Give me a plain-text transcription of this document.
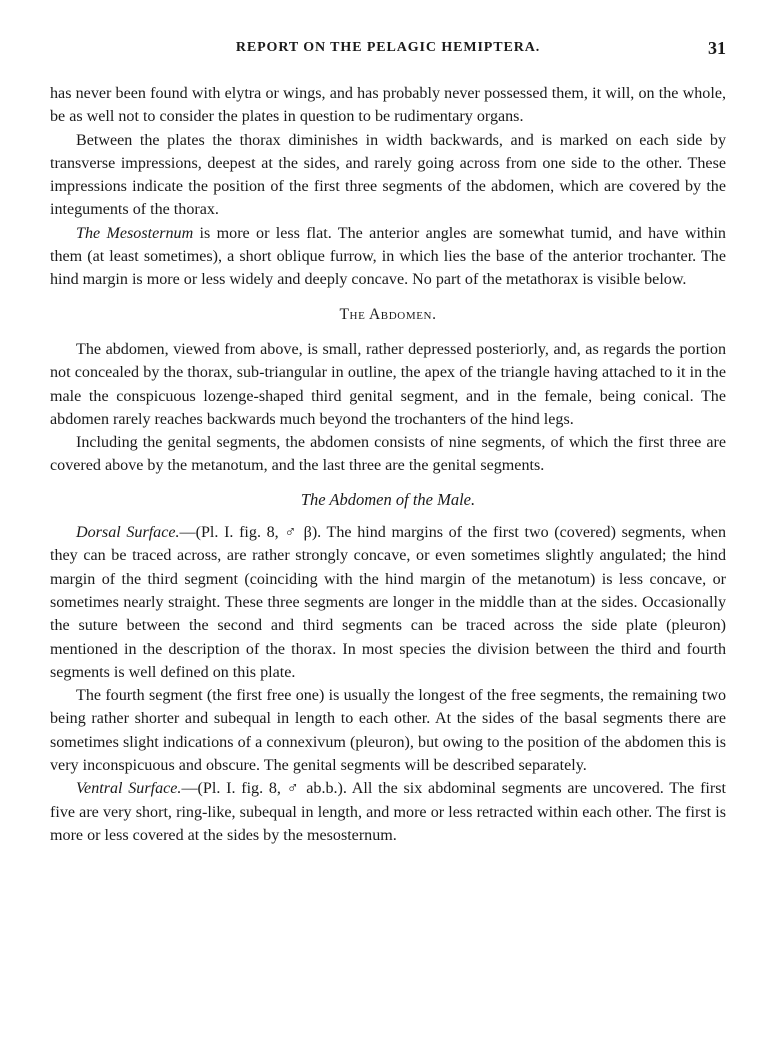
REPORT ON THE PELAGIC HEMIPTERA.	31

has never been found with elytra or wings, and has probably never possessed them, it will, on the whole, be as well not to consider the plates in question to be rudimentary organs.

Between the plates the thorax diminishes in width backwards, and is marked on each side by transverse impressions, deepest at the sides, and rarely going across from one side to the other. These impressions indicate the position of the first three segments of the abdomen, which are covered by the integuments of the thorax.

The Mesosternum is more or less flat. The anterior angles are somewhat tumid, and have within them (at least sometimes), a short oblique furrow, in which lies the base of the anterior trochanter. The hind margin is more or less widely and deeply concave. No part of the metathorax is visible below.

The Abdomen.

The abdomen, viewed from above, is small, rather depressed posteriorly, and, as regards the portion not concealed by the thorax, sub-triangular in outline, the apex of the triangle having attached to it in the male the conspicuous lozenge-shaped third genital segment, and in the female, being conical. The abdomen rarely reaches backwards much beyond the trochanters of the hind legs.

Including the genital segments, the abdomen consists of nine segments, of which the first three are covered above by the metanotum, and the last three are the genital segments.

The Abdomen of the Male.

Dorsal Surface.—(Pl. I. fig. 8, ♂ β). The hind margins of the first two (covered) segments, when they can be traced across, are rather strongly concave, or even sometimes slightly angulated; the hind margin of the third segment (coinciding with the hind margin of the metanotum) is less concave, or sometimes nearly straight. These three segments are longer in the middle than at the sides. Occasionally the suture between the second and third segments can be traced across the side plate (pleuron) mentioned in the description of the thorax. In most species the division between the third and fourth segments is well defined on this plate.

The fourth segment (the first free one) is usually the longest of the free segments, the remaining two being rather shorter and subequal in length to each other. At the sides of the basal segments there are sometimes slight indications of a connexivum (pleuron), but owing to the position of the abdomen this is very inconspicuous and obscure. The genital segments will be described separately.

Ventral Surface.—(Pl. I. fig. 8, ♂ ab.b.). All the six abdominal segments are uncovered. The first five are very short, ring-like, subequal in length, and more or less retracted within each other. The first is more or less covered at the sides by the mesosternum.
